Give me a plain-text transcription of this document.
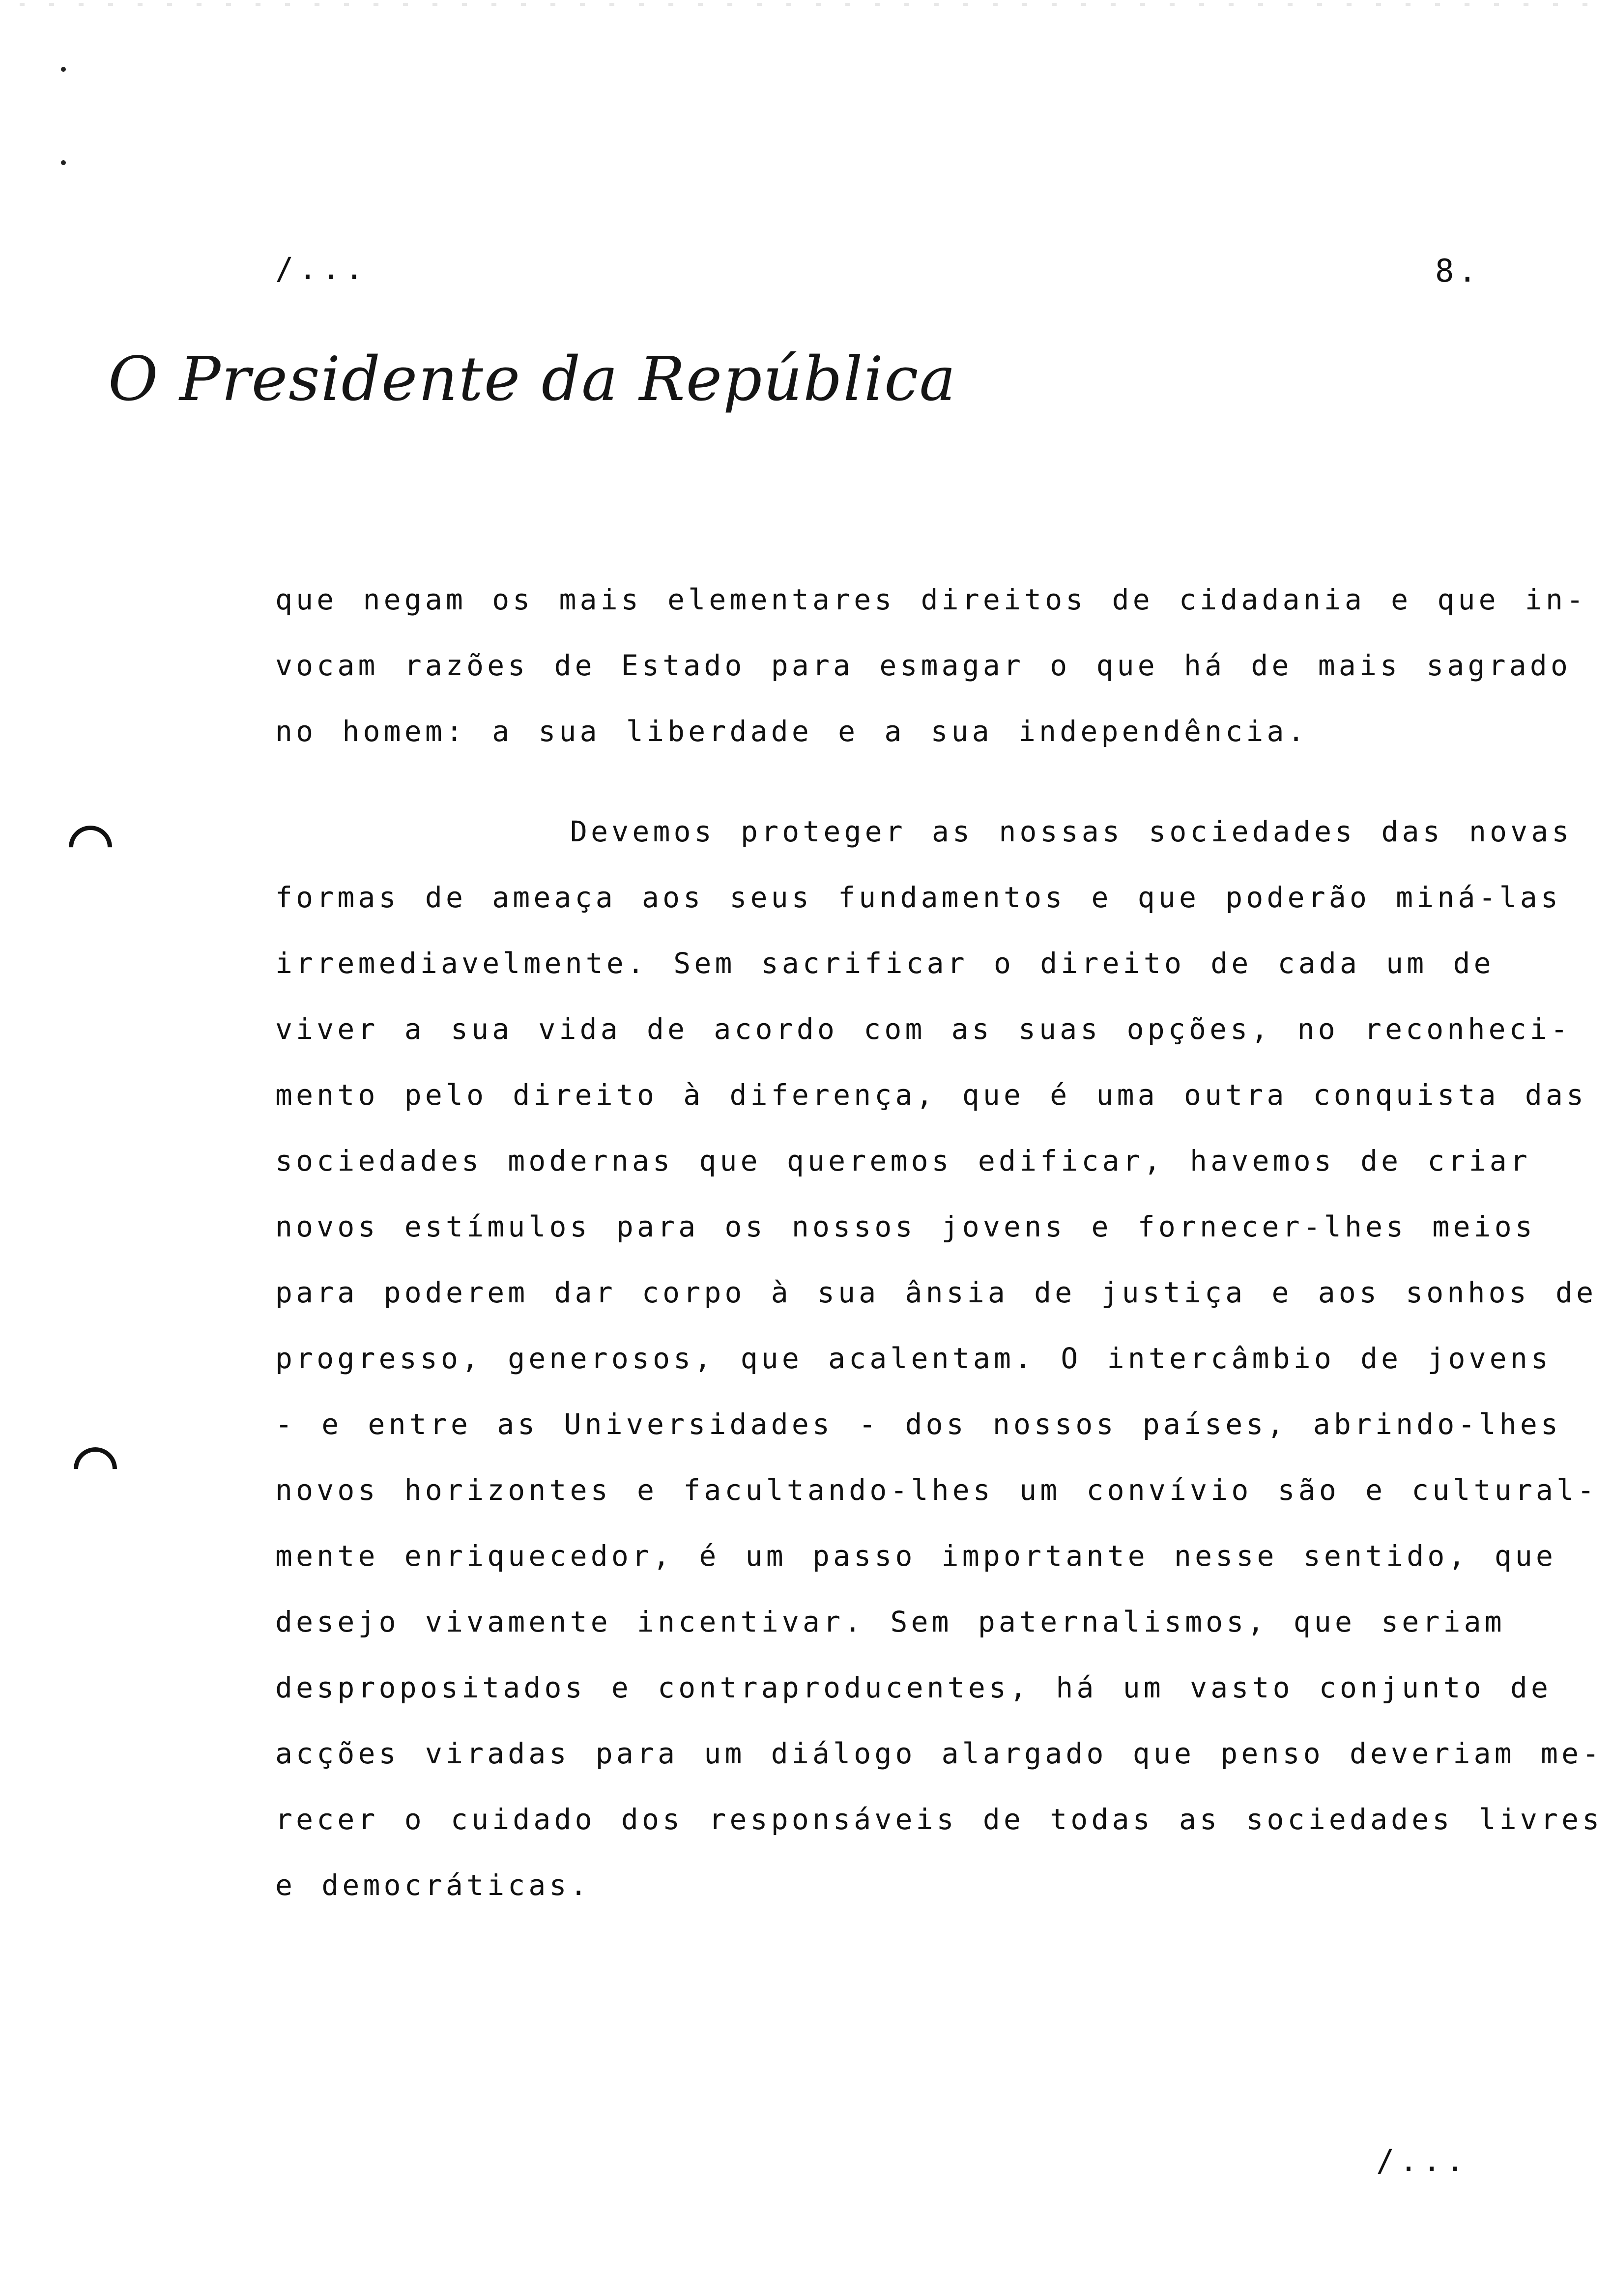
/...	8.
O Presidente da República
que negam os mais elementares direitos de cidadania e que in-
vocam razões de Estado para esmagar o que há de mais sagrado
no homem: a sua liberdade e a sua independência.
Devemos proteger as nossas sociedades das novas
formas de ameaça aos seus fundamentos e que poderão miná-las
irremediavelmente. Sem sacrificar o direito de cada um de
viver a sua vida de acordo com as suas opções, no reconheci-
mento pelo direito à diferença, que é uma outra conquista das
sociedades modernas que queremos edificar, havemos de criar
novos estímulos para os nossos jovens e fornecer-lhes meios
para poderem dar corpo à sua ânsia de justiça e aos sonhos de
progresso, generosos, que acalentam. O intercâmbio de jovens
- e entre as Universidades - dos nossos países, abrindo-lhes
novos horizontes e facultando-lhes um convívio são e cultural-
mente enriquecedor, é um passo importante nesse sentido, que
desejo vivamente incentivar. Sem paternalismos, que seriam
despropositados e contraproducentes, há um vasto conjunto de
acções viradas para um diálogo alargado que penso deveriam me-
recer o cuidado dos responsáveis de todas as sociedades livres
e democráticas.
/...
